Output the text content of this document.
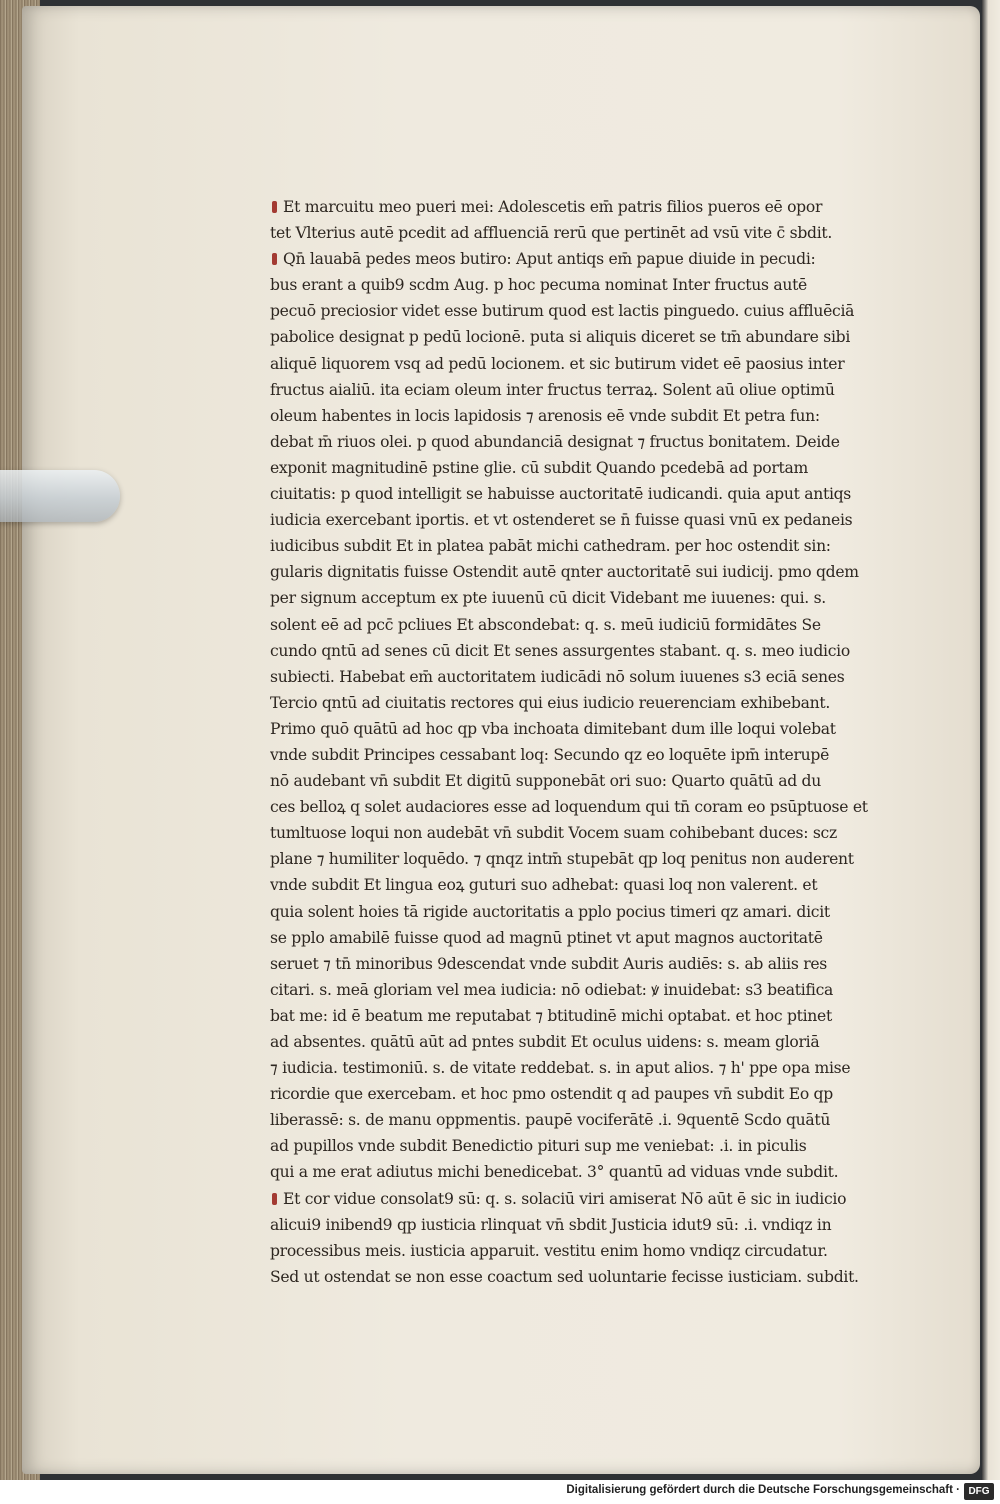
Et marcuitu meo pueri mei: Adolescetis em̄ patris filios pueros eē opor
tet Vlterius autē pcedit ad affluenciā rerū que pertinēt ad vsū vite c̄ sbdit.
Qn̄ lauabā pedes meos butiro: Aput antiqs em̄ papue diuide in pecudi:
bus erant a quib9 scdm Aug. p hoc pecuma nominat Inter fructus autē
pecuō preciosior videt esse butirum quod est lactis pinguedo. cuius affluēciā
pabolice designat p pedū locionē. puta si aliquis diceret se tm̄ abundare sibi
aliquē liquorem vsq ad pedū locionem. et sic butirum videt eē paosius inter
fructus aialiū. ita eciam oleum inter fructus terraꝝ. Solent aū oliue optimū
oleum habentes in locis lapidosis ⁊ arenosis eē vnde subdit Et petra fun:
debat m̄ riuos olei. p quod abundanciā designat ⁊ fructus bonitatem. Deide
exponit magnitudinē pstine glie. cū subdit Quando pcedebā ad portam
ciuitatis: p quod intelligit se habuisse auctoritatē iudicandi. quia aput antiqs
iudicia exercebant iportis. et vt ostenderet se n̄ fuisse quasi vnū ex pedaneis
iudicibus subdit Et in platea pabāt michi cathedram. per hoc ostendit sin:
gularis dignitatis fuisse Ostendit autē qnter auctoritatē sui iudicij. pmo qdem
per signum acceptum ex pte iuuenū cū dicit Videbant me iuuenes: qui. s.
solent eē ad pcc̄ pcliues Et abscondebat: q. s. meū iudiciū formidātes Se
cundo qntū ad senes cū dicit Et senes assurgentes stabant. q. s. meo iudicio
subiecti. Habebat em̄ auctoritatem iudicādi nō solum iuuenes s3 eciā senes
Tercio qntū ad ciuitatis rectores qui eius iudicio reuerenciam exhibebant.
Primo quō quātū ad hoc qp vba inchoata dimitebant dum ille loqui volebat
vnde subdit Principes cessabant loq: Secundo qz eo loquēte ipm̄ interupē
nō audebant vn̄ subdit Et digitū supponebāt ori suo: Quarto quātū ad du
ces belloꝝ q solet audaciores esse ad loquendum qui tn̄ coram eo psūptuose et
tumltuose loqui non audebāt vn̄ subdit Vocem suam cohibebant duces: scz
plane ⁊ humiliter loquēdo. ⁊ qnqz intm̄ stupebāt qp loq penitus non auderent
vnde subdit Et lingua eoꝝ guturi suo adhebat: quasi loq non valerent. et
quia solent hoies tā rigide auctoritatis a pplo pocius timeri qz amari. dicit
se pplo amabilē fuisse quod ad magnū ptinet vt aput magnos auctoritatē
seruet ⁊ tn̄ minoribus 9descendat vnde subdit Auris audiēs: s. ab aliis res
citari. s. meā gloriam vel mea iudicia: nō odiebat: ꝟ inuidebat: s3 beatifica
bat me: id ē beatum me reputabat ⁊ btitudinē michi optabat. et hoc ptinet
ad absentes. quātū aūt ad pntes subdit Et oculus uidens: s. meam gloriā
⁊ iudicia. testimoniū. s. de vitate reddebat. s. in aput alios. ⁊ h' ppe opa mise
ricordie que exercebam. et hoc pmo ostendit q ad paupes vn̄ subdit Eo qp
liberassē: s. de manu oppmentis. paupē vociferātē .i. 9quentē Scdo quātū
ad pupillos vnde subdit Benedictio pituri sup me veniebat: .i. in piculis
qui a me erat adiutus michi benedicebat. 3° quantū ad viduas vnde subdit.
Et cor vidue consolat9 sū: q. s. solaciū viri amiserat Nō aūt ē sic in iudicio
alicui9 inibend9 qp iusticia rlinquat vn̄ sbdit Justicia idut9 sū: .i. vndiqz in
processibus meis. iusticia apparuit. vestitu enim homo vndiqz circudatur.
Sed ut ostendat se non esse coactum sed uoluntarie fecisse iusticiam. subdit.
Digitalisierung gefördert durch die Deutsche Forschungsgemeinschaft · DFG
